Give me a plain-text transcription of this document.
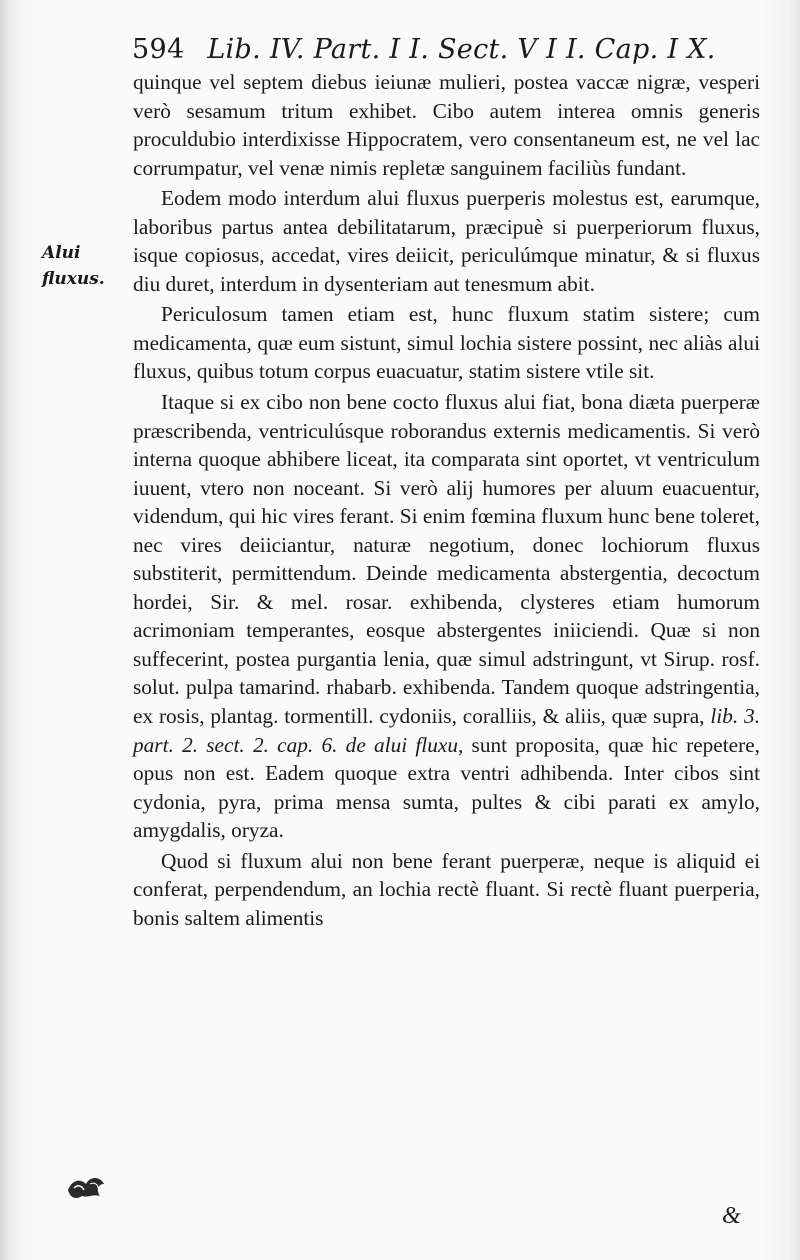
594 Lib. IV. Part. I I. Sect. V I I. Cap. I X.
Alui fluxus.

quinque vel septem diebus ieiunæ mulieri, postea vaccæ nigræ, vesperi verò sesamum tritum exhibet. Cibo autem interea omnis generis proculdubio interdixisse Hippocratem, vero consentaneum est, ne vel lac corrumpatur, vel venæ nimis repletæ sanguinem faciliùs fundant.

Eodem modo interdum alui fluxus puerperis molestus est, earumque, laboribus partus antea debilitatarum, præcipuè si puerperiorum fluxus, isque copiosus, accedat, vires deiicit, periculúmque minatur, & si fluxus diu duret, interdum in dysenteriam aut tenesmum abit.

Periculosum tamen etiam est, hunc fluxum statim sistere; cum medicamenta, quæ eum sistunt, simul lochia sistere possint, nec aliàs alui fluxus, quibus totum corpus euacuatur, statim sistere vtile sit.

Itaque si ex cibo non bene cocto fluxus alui fiat, bona diæta puerperæ præscribenda, ventriculúsque roborandus externis medicamentis. Si verò interna quoque abhibere liceat, ita comparata sint oportet, vt ventriculum iuuent, vtero non noceant. Si verò alij humores per aluum euacuentur, videndum, qui hic vires ferant. Si enim fœmina fluxum hunc bene toleret, nec vires deiiciantur, naturæ negotium, donec lochiorum fluxus substiterit, permittendum. Deinde medicamenta abstergentia, decoctum hordei, Sir. & mel. rosar. exhibenda, clysteres etiam humorum acrimoniam temperantes, eosque abstergentes iniiciendi. Quæ si non suffecerint, postea purgantia lenia, quæ simul adstringunt, vt Sirup. rosf. solut. pulpa tamarind. rhabarb. exhibenda. Tandem quoque adstringentia, ex rosis, plantag. tormentill. cydoniis, coralliis, & aliis, quæ supra, lib. 3. part. 2. sect. 2. cap. 6. de alui fluxu, sunt proposita, quæ hic repetere, opus non est. Eadem quoque extra ventri adhibenda. Inter cibos sint cydonia, pyra, prima mensa sumta, pultes & cibi parati ex amylo, amygdalis, oryza.

Quod si fluxum alui non bene ferant puerperæ, neque is aliquid ei conferat, perpendendum, an lochia rectè fluant. Si rectè fluant puerperia, bonis saltem alimentis

&
